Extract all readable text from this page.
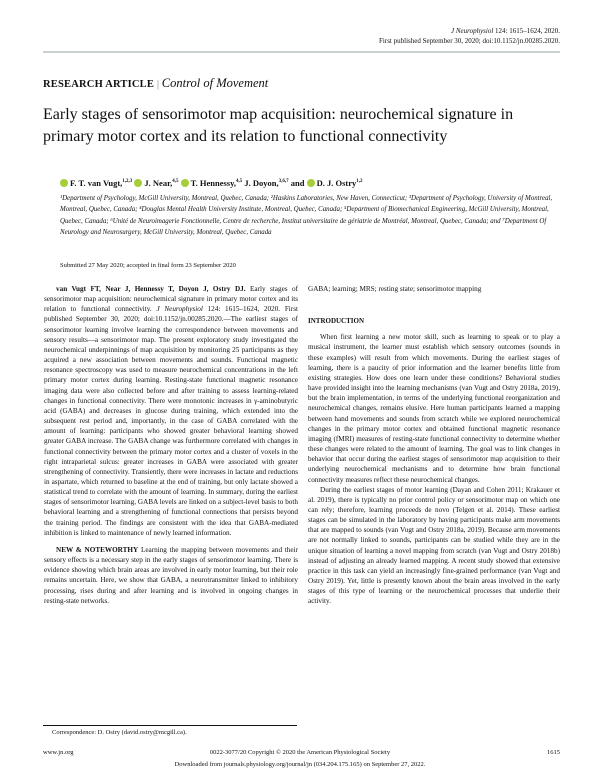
J Neurophysiol 124: 1615–1624, 2020.
First published September 30, 2020; doi:10.1152/jn.00285.2020.
RESEARCH ARTICLE | Control of Movement
Early stages of sensorimotor map acquisition: neurochemical signature in primary motor cortex and its relation to functional connectivity
F. T. van Vugt,$^{1,2,3}$ J. Near,$^{4,5}$ T. Hennessy,$^{4,5}$ J. Doyon,$^{3,6,7}$ and D. J. Ostry$^{1,2}$
¹Department of Psychology, McGill University, Montreal, Quebec, Canada; ²Haskins Laboratories, New Haven, Connecticut; ³Department of Psychology, University of Montreal, Montreal, Quebec, Canada; ⁴Douglas Mental Health University Institute, Montreal, Quebec, Canada; ⁵Department of Biomechanical Engineering, McGill University, Montreal, Quebec, Canada; ⁶Unité de Neuroimagerie Fonctionnelle, Centre de recherche, Institut universitaire de gériatrie de Montréal, Montreal, Quebec, Canada; and ⁷Department Of Neurology and Neurosurgery, McGill University, Montreal, Quebec, Canada
Submitted 27 May 2020; accepted in final form 23 September 2020

van Vugt FT, Near J, Hennessy T, Doyon J, Ostry DJ. Early stages of sensorimotor map acquisition: neurochemical signature in primary motor cortex and its relation to functional connectivity. J Neurophysiol 124: 1615–1624, 2020. First published September 30, 2020; doi:10.1152/jn.00285.2020.—The earliest stages of sensorimotor learning involve learning the correspondence between movements and sensory results—a sensorimotor map. The present exploratory study investigated the neurochemical underpinnings of map acquisition by monitoring 25 participants as they acquired a new association between movements and sounds. Functional magnetic resonance spectroscopy was used to measure neurochemical concentrations in the left primary motor cortex during learning. Resting-state functional magnetic resonance imaging data were also collected before and after training to assess learning-related changes in functional connectivity. There were monotonic increases in γ-aminobutyric acid (GABA) and decreases in glucose during training, which extended into the subsequent rest period and, importantly, in the case of GABA correlated with the amount of learning: participants who showed greater behavioral learning showed greater GABA increase. The GABA change was furthermore correlated with changes in functional connectivity between the primary motor cortex and a cluster of voxels in the right intraparietal sulcus: greater increases in GABA were associated with greater strengthening of connectivity. Transiently, there were increases in lactate and reductions in aspartate, which returned to baseline at the end of training, but only lactate showed a statistical trend to correlate with the amount of learning. In summary, during the earliest stages of sensorimotor learning, GABA levels are linked on a subject-level basis to both behavioral learning and a strengthening of functional connections that persists beyond the training period. The findings are consistent with the idea that GABA-mediated inhibition is linked to maintenance of newly learned information.

NEW & NOTEWORTHY Learning the mapping between movements and their sensory effects is a necessary step in the early stages of sensorimotor learning. There is evidence showing which brain areas are involved in early motor learning, but their role remains uncertain. Here, we show that GABA, a neurotransmitter linked to inhibitory processing, rises during and after learning and is involved in ongoing changes in resting-state networks.

GABA; learning; MRS; resting state; sensorimotor mapping

INTRODUCTION

When first learning a new motor skill, such as learning to speak or to play a musical instrument, the learner must establish which sensory outcomes (sounds in these examples) will result from which movements. During the earliest stages of learning, there is a paucity of prior information and the learner benefits little from existing strategies. How does one learn under these conditions? Behavioral studies have provided insight into the learning mechanisms (van Vugt and Ostry 2018a, 2019), but the brain implementation, in terms of the underlying functional reorganization and neurochemical changes, remains elusive. Here human participants learned a mapping between hand movements and sounds from scratch while we explored neurochemical changes in the primary motor cortex and obtained functional magnetic resonance imaging (fMRI) measures of resting-state functional connectivity to determine whether these changes were related to the amount of learning. The goal was to link changes in behavior that occur during the earliest stages of sensorimotor map acquisition to their underlying neurochemical mechanisms and to determine how brain functional connectivity measures reflect these neurochemical changes.

During the earliest stages of motor learning (Dayan and Cohen 2011; Krakauer et al. 2019), there is typically no prior control policy or sensorimotor map on which one can rely; therefore, learning proceeds de novo (Telgen et al. 2014). These earliest stages can be simulated in the laboratory by having participants make arm movements that are mapped to sounds (van Vugt and Ostry 2018a, 2019). Because arm movements are not normally linked to sounds, participants can be studied while they are in the unique situation of learning a novel mapping from scratch (van Vugt and Ostry 2018b) instead of adjusting an already learned mapping. A recent study showed that extensive practice in this task can yield an increasingly fine-grained performance (van Vugt and Ostry 2019). Yet, little is presently known about the brain areas involved in the early stages of this type of learning or the neurochemical processes that underlie their activity.

Correspondence: D. Ostry (david.ostry@mcgill.ca).
www.jn.org	0022-3077/20 Copyright © 2020 the American Physiological Society	1615
Downloaded from journals.physiology.org/journal/jn (034.204.175.165) on September 27, 2022.
